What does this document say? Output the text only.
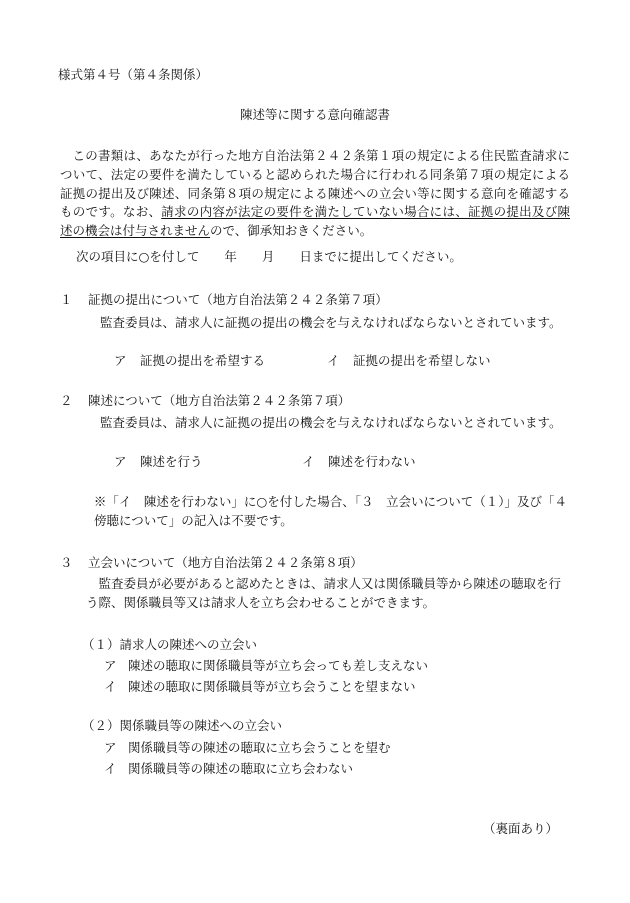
様式第４号（第４条関係）
陳述等に関する意向確認書

この書類は、あなたが行った地方自治法第２４２条第１項の規定による住民監査請求について、法定の要件を満たしていると認められた場合に行われる同条第７項の規定による証拠の提出及び陳述、同条第８項の規定による陳述への立会い等に関する意向を確認するものです。なお、請求の内容が法定の要件を満たしていない場合には、証拠の提出及び陳述の機会は付与されませんので、御承知おきください。

次の項目に○を付して　　年　　月　　日までに提出してください。
１ 証拠の提出について（地方自治法第２４２条第７項）
監査委員は、請求人に証拠の提出の機会を与えなければならないとされています。
ア 証拠の提出を希望する	イ 証拠の提出を希望しない
２ 陳述について（地方自治法第２４２条第７項）
監査委員は、請求人に証拠の提出の機会を与えなければならないとされています。
ア 陳述を行う	イ 陳述を行わない
※「イ　陳述を行わない」に○を付した場合、「３　立会いについて（１）」及び「４傍聴について」の記入は不要です。
３ 立会いについて（地方自治法第２４２条第８項）
監査委員が必要があると認めたときは、請求人又は関係職員等から陳述の聴取を行う際、関係職員等又は請求人を立ち会わせることができます。
（１）請求人の陳述への立会い
ア 陳述の聴取に関係職員等が立ち会っても差し支えない
イ 陳述の聴取に関係職員等が立ち会うことを望まない
（２）関係職員等の陳述への立会い
ア 関係職員等の陳述の聴取に立ち会うことを望む
イ 関係職員等の陳述の聴取に立ち会わない
（裏面あり）
